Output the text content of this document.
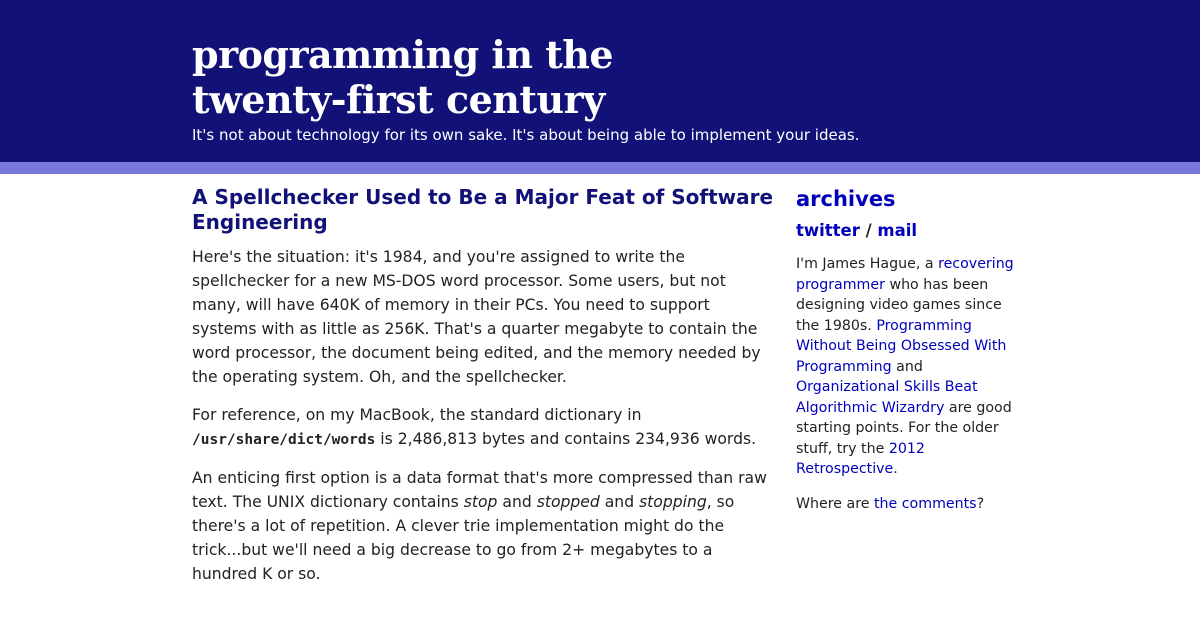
programming in the
twenty-first century

It's not about technology for its own sake. It's about being able to implement your ideas.

A Spellchecker Used to Be a Major Feat of Software Engineering

Here's the situation: it's 1984, and you're assigned to write the spellchecker for a new MS-DOS word processor. Some users, but not many, will have 640K of memory in their PCs. You need to support systems with as little as 256K. That's a quarter megabyte to contain the word processor, the document being edited, and the memory needed by the operating system. Oh, and the spellchecker.

For reference, on my MacBook, the standard dictionary in /usr/share/dict/words is 2,486,813 bytes and contains 234,936 words.

An enticing first option is a data format that's more compressed than raw text. The UNIX dictionary contains stop and stopped and stopping, so there's a lot of repetition. A clever trie implementation might do the trick...but we'll need a big decrease to go from 2+ megabytes to a hundred K or so.

archives
twitter / mail

I'm James Hague, a recovering programmer who has been designing video games since the 1980s. Programming Without Being Obsessed With Programming and Organizational Skills Beat Algorithmic Wizardry are good starting points. For the older stuff, try the 2012 Retrospective.

Where are the comments?
